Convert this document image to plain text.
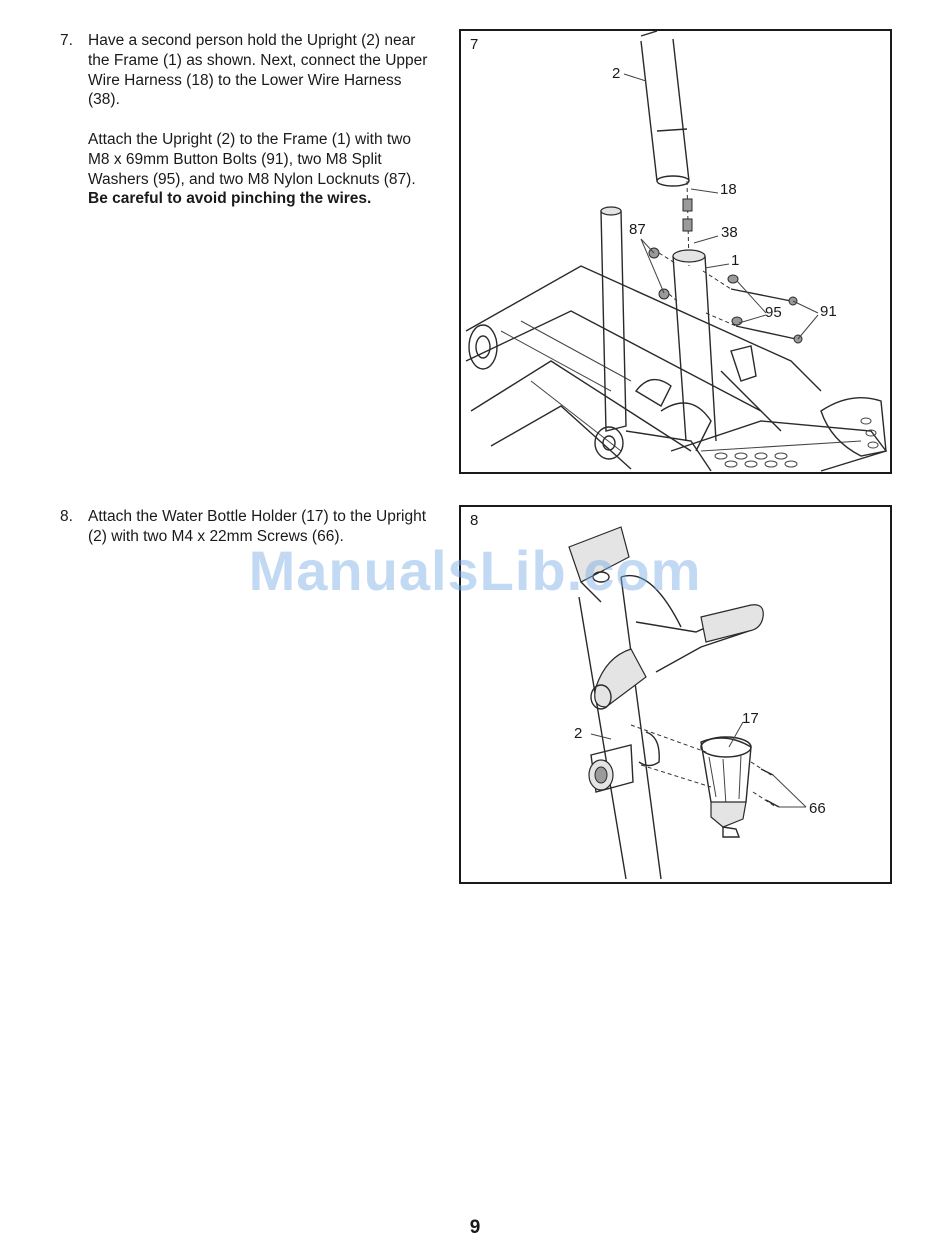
7. Have a second person hold the Upright (2) near the Frame (1) as shown. Next, connect the Upper Wire Harness (18) to the Lower Wire Harness (38).

Attach the Upright (2) to the Frame (1) with two M8 x 69mm Button Bolts (91), two M8 Split Washers (95), and two M8 Nylon Locknuts (87). Be careful to avoid pinching the wires.

7
2
18
87	38
1
95	91
8. Attach the Water Bottle Holder (17) to the Upright (2) with two M4 x 22mm Screws (66).

8
17
2
66
ManualsLib.com
9
